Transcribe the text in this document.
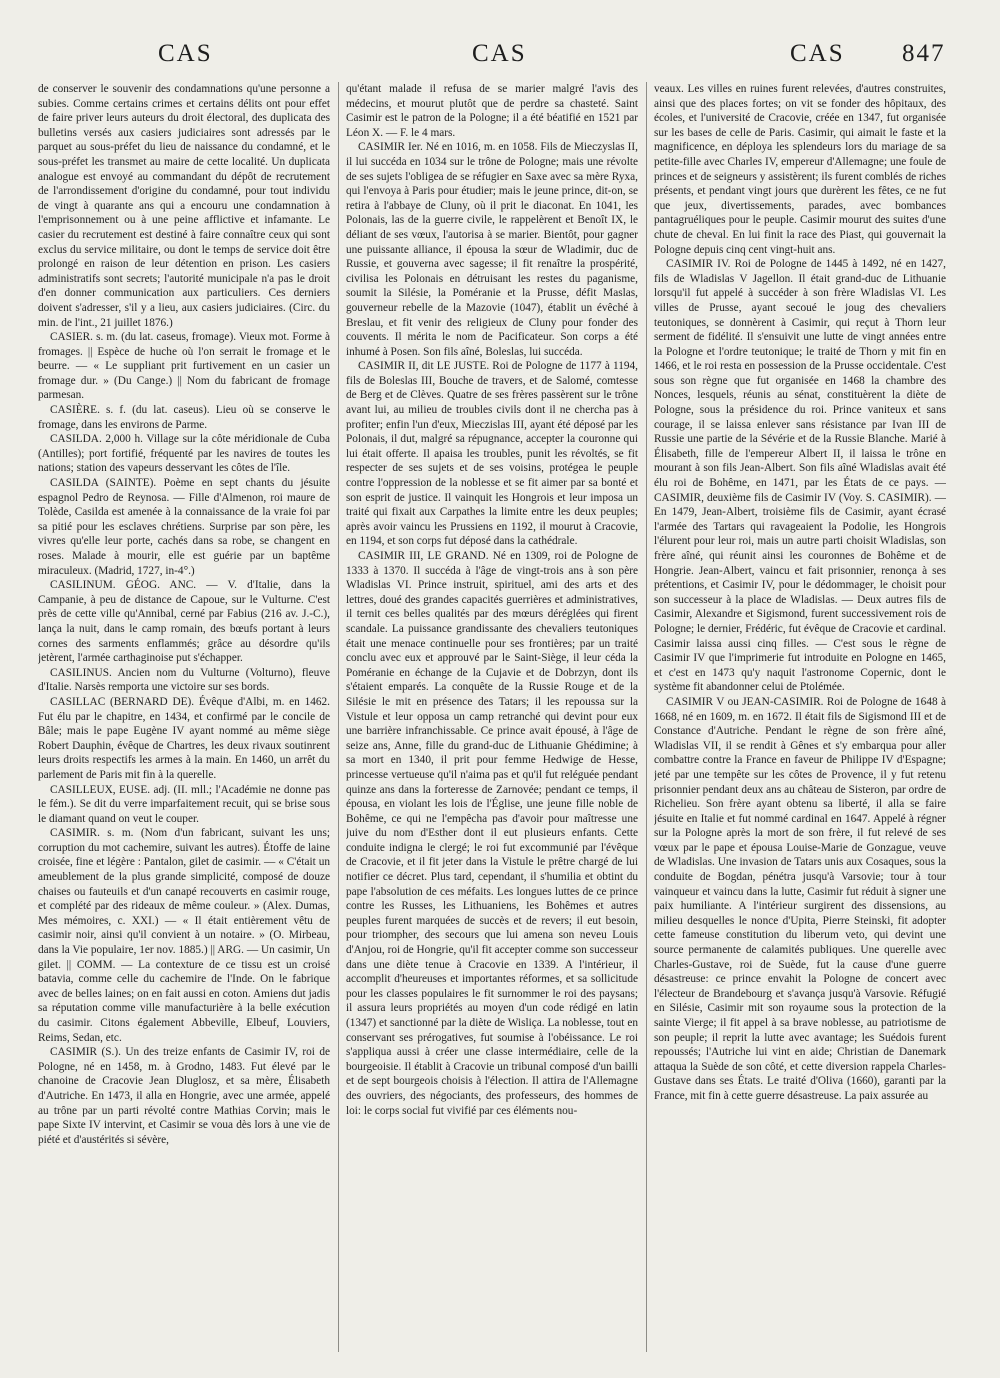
CAS	CAS	CAS 847

de conserver le souvenir des condamnations qu'une personne a subies. Comme certains crimes et certains délits ont pour effet de faire priver leurs auteurs du droit électoral, des duplicata des bulletins versés aux casiers judiciaires sont adressés par le parquet au sous-préfet du lieu de naissance du condamné, et le sous-préfet les transmet au maire de cette localité. Un duplicata analogue est envoyé au commandant du dépôt de recrutement de l'arrondissement d'origine du condamné, pour tout individu de vingt à quarante ans qui a encouru une condamnation à l'emprisonnement ou à une peine afflictive et infamante. Le casier du recrutement est destiné à faire connaître ceux qui sont exclus du service militaire, ou dont le temps de service doit être prolongé en raison de leur détention en prison. Les casiers administratifs sont secrets; l'autorité municipale n'a pas le droit d'en donner communication aux particuliers. Ces derniers doivent s'adresser, s'il y a lieu, aux casiers judiciaires. (Circ. du min. de l'int., 21 juillet 1876.)

CASIER. s. m. (du lat. caseus, fromage). Vieux mot. Forme à fromages. || Espèce de huche où l'on serrait le fromage et le beurre. — « Le suppliant prit furtivement en un casier un fromage dur. » (Du Cange.) || Nom du fabricant de fromage parmesan.

CASIÈRE. s. f. (du lat. caseus). Lieu où se conserve le fromage, dans les environs de Parme.

CASILDA. 2,000 h. Village sur la côte méridionale de Cuba (Antilles); port fortifié, fréquenté par les navires de toutes les nations; station des vapeurs desservant les côtes de l'île.

CASILDA (SAINTE). Poème en sept chants du jésuite espagnol Pedro de Reynosa. — Fille d'Almenon, roi maure de Tolède, Casilda est amenée à la connaissance de la vraie foi par sa pitié pour les esclaves chrétiens. Surprise par son père, les vivres qu'elle leur porte, cachés dans sa robe, se changent en roses. Malade à mourir, elle est guérie par un baptême miraculeux. (Madrid, 1727, in-4°.)

CASILINUM. GÉOG. ANC. — V. d'Italie, dans la Campanie, à peu de distance de Capoue, sur le Vulturne. C'est près de cette ville qu'Annibal, cerné par Fabius (216 av. J.-C.), lança la nuit, dans le camp romain, des bœufs portant à leurs cornes des sarments enflammés; grâce au désordre qu'ils jetèrent, l'armée carthaginoise put s'échapper.

CASILINUS. Ancien nom du Vulturne (Volturno), fleuve d'Italie. Narsès remporta une victoire sur ses bords.

CASILLAC (BERNARD DE). Évêque d'Albi, m. en 1462. Fut élu par le chapitre, en 1434, et confirmé par le concile de Bâle; mais le pape Eugène IV ayant nommé au même siège Robert Dauphin, évêque de Chartres, les deux rivaux soutinrent leurs droits respectifs les armes à la main. En 1460, un arrêt du parlement de Paris mit fin à la querelle.

CASILLEUX, EUSE. adj. (II. mll.; l'Académie ne donne pas le fém.). Se dit du verre imparfaitement recuit, qui se brise sous le diamant quand on veut le couper.

CASIMIR. s. m. (Nom d'un fabricant, suivant les uns; corruption du mot cachemire, suivant les autres). Étoffe de laine croisée, fine et légère : Pantalon, gilet de casimir. — « C'était un ameublement de la plus grande simplicité, composé de douze chaises ou fauteuils et d'un canapé recouverts en casimir rouge, et complété par des rideaux de même couleur. » (Alex. Dumas, Mes mémoires, c. XXI.) — « Il était entièrement vêtu de casimir noir, ainsi qu'il convient à un notaire. » (O. Mirbeau, dans la Vie populaire, 1er nov. 1885.) || ARG. — Un casimir, Un gilet. || COMM. — La contexture de ce tissu est un croisé batavia, comme celle du cachemire de l'Inde. On le fabrique avec de belles laines; on en fait aussi en coton. Amiens dut jadis sa réputation comme ville manufacturière à la belle exécution du casimir. Citons également Abbeville, Elbeuf, Louviers, Reims, Sedan, etc.

CASIMIR (S.). Un des treize enfants de Casimir IV, roi de Pologne, né en 1458, m. à Grodno, 1483. Fut élevé par le chanoine de Cracovie Jean Dluglosz, et sa mère, Élisabeth d'Autriche. En 1473, il alla en Hongrie, avec une armée, appelé au trône par un parti révolté contre Mathias Corvin; mais le pape Sixte IV intervint, et Casimir se voua dès lors à une vie de piété et d'austérités si sévère,

qu'étant malade il refusa de se marier malgré l'avis des médecins, et mourut plutôt que de perdre sa chasteté. Saint Casimir est le patron de la Pologne; il a été béatifié en 1521 par Léon X. — F. le 4 mars.

CASIMIR Ier. Né en 1016, m. en 1058. Fils de Mieczyslas II, il lui succéda en 1034 sur le trône de Pologne; mais une révolte de ses sujets l'obligea de se réfugier en Saxe avec sa mère Ryxa, qui l'envoya à Paris pour étudier; mais le jeune prince, dit-on, se retira à l'abbaye de Cluny, où il prit le diaconat. En 1041, les Polonais, las de la guerre civile, le rappelèrent et Benoît IX, le déliant de ses vœux, l'autorisa à se marier. Bientôt, pour gagner une puissante alliance, il épousa la sœur de Wladimir, duc de Russie, et gouverna avec sagesse; il fit renaître la prospérité, civilisa les Polonais en détruisant les restes du paganisme, soumit la Silésie, la Poméranie et la Prusse, défit Maslas, gouverneur rebelle de la Mazovie (1047), établit un évêché à Breslau, et fit venir des religieux de Cluny pour fonder des couvents. Il mérita le nom de Pacificateur. Son corps a été inhumé à Posen. Son fils aîné, Boleslas, lui succéda.

CASIMIR II, dit LE JUSTE. Roi de Pologne de 1177 à 1194, fils de Boleslas III, Bouche de travers, et de Salomé, comtesse de Berg et de Clèves. Quatre de ses frères passèrent sur le trône avant lui, au milieu de troubles civils dont il ne chercha pas à profiter; enfin l'un d'eux, Mieczislas III, ayant été déposé par les Polonais, il dut, malgré sa répugnance, accepter la couronne qui lui était offerte. Il apaisa les troubles, punit les révoltés, se fit respecter de ses sujets et de ses voisins, protégea le peuple contre l'oppression de la noblesse et se fit aimer par sa bonté et son esprit de justice. Il vainquit les Hongrois et leur imposa un traité qui fixait aux Carpathes la limite entre les deux peuples; après avoir vaincu les Prussiens en 1192, il mourut à Cracovie, en 1194, et son corps fut déposé dans la cathédrale.

CASIMIR III, LE GRAND. Né en 1309, roi de Pologne de 1333 à 1370. Il succéda à l'âge de vingt-trois ans à son père Wladislas VI. Prince instruit, spirituel, ami des arts et des lettres, doué des grandes capacités guerrières et administratives, il ternit ces belles qualités par des mœurs déréglées qui firent scandale. La puissance grandissante des chevaliers teutoniques était une menace continuelle pour ses frontières; par un traité conclu avec eux et approuvé par le Saint-Siège, il leur céda la Poméranie en échange de la Cujavie et de Dobrzyn, dont ils s'étaient emparés. La conquête de la Russie Rouge et de la Silésie le mit en présence des Tatars; il les repoussa sur la Vistule et leur opposa un camp retranché qui devint pour eux une barrière infranchissable. Ce prince avait épousé, à l'âge de seize ans, Anne, fille du grand-duc de Lithuanie Ghédimine; à sa mort en 1340, il prit pour femme Hedwige de Hesse, princesse vertueuse qu'il n'aima pas et qu'il fut reléguée pendant quinze ans dans la forteresse de Zarnovée; pendant ce temps, il épousa, en violant les lois de l'Église, une jeune fille noble de Bohême, ce qui ne l'empêcha pas d'avoir pour maîtresse une juive du nom d'Esther dont il eut plusieurs enfants. Cette conduite indigna le clergé; le roi fut excommunié par l'évêque de Cracovie, et il fit jeter dans la Vistule le prêtre chargé de lui notifier ce décret. Plus tard, cependant, il s'humilia et obtint du pape l'absolution de ces méfaits. Les longues luttes de ce prince contre les Russes, les Lithuaniens, les Bohêmes et autres peuples furent marquées de succès et de revers; il eut besoin, pour triompher, des secours que lui amena son neveu Louis d'Anjou, roi de Hongrie, qu'il fit accepter comme son successeur dans une diète tenue à Cracovie en 1339. A l'intérieur, il accomplit d'heureuses et importantes réformes, et sa sollicitude pour les classes populaires le fit surnommer le roi des paysans; il assura leurs propriétés au moyen d'un code rédigé en latin (1347) et sanctionné par la diète de Wisliça. La noblesse, tout en conservant ses prérogatives, fut soumise à l'obéissance. Le roi s'appliqua aussi à créer une classe intermédiaire, celle de la bourgeoisie. Il établit à Cracovie un tribunal composé d'un bailli et de sept bourgeois choisis à l'élection. Il attira de l'Allemagne des ouvriers, des négociants, des professeurs, des hommes de loi: le corps social fut vivifié par ces éléments nou-

veaux. Les villes en ruines furent relevées, d'autres construites, ainsi que des places fortes; on vit se fonder des hôpitaux, des écoles, et l'université de Cracovie, créée en 1347, fut organisée sur les bases de celle de Paris. Casimir, qui aimait le faste et la magnificence, en déploya les splendeurs lors du mariage de sa petite-fille avec Charles IV, empereur d'Allemagne; une foule de princes et de seigneurs y assistèrent; ils furent comblés de riches présents, et pendant vingt jours que durèrent les fêtes, ce ne fut que jeux, divertissements, parades, avec bombances pantagruéliques pour le peuple. Casimir mourut des suites d'une chute de cheval. En lui finit la race des Piast, qui gouvernait la Pologne depuis cinq cent vingt-huit ans.

CASIMIR IV. Roi de Pologne de 1445 à 1492, né en 1427, fils de Wladislas V Jagellon. Il était grand-duc de Lithuanie lorsqu'il fut appelé à succéder à son frère Wladislas VI. Les villes de Prusse, ayant secoué le joug des chevaliers teutoniques, se donnèrent à Casimir, qui reçut à Thorn leur serment de fidélité. Il s'ensuivit une lutte de vingt années entre la Pologne et l'ordre teutonique; le traité de Thorn y mit fin en 1466, et le roi resta en possession de la Prusse occidentale. C'est sous son règne que fut organisée en 1468 la chambre des Nonces, lesquels, réunis au sénat, constituèrent la diète de Pologne, sous la présidence du roi. Prince vaniteux et sans courage, il se laissa enlever sans résistance par Ivan III de Russie une partie de la Sévérie et de la Russie Blanche. Marié à Élisabeth, fille de l'empereur Albert II, il laissa le trône en mourant à son fils Jean-Albert. Son fils aîné Wladislas avait été élu roi de Bohême, en 1471, par les États de ce pays. — CASIMIR, deuxième fils de Casimir IV (Voy. S. CASIMIR). — En 1479, Jean-Albert, troisième fils de Casimir, ayant écrasé l'armée des Tartars qui ravageaient la Podolie, les Hongrois l'élurent pour leur roi, mais un autre parti choisit Wladislas, son frère aîné, qui réunit ainsi les couronnes de Bohême et de Hongrie. Jean-Albert, vaincu et fait prisonnier, renonça à ses prétentions, et Casimir IV, pour le dédommager, le choisit pour son successeur à la place de Wladislas. — Deux autres fils de Casimir, Alexandre et Sigismond, furent successivement rois de Pologne; le dernier, Frédéric, fut évêque de Cracovie et cardinal. Casimir laissa aussi cinq filles. — C'est sous le règne de Casimir IV que l'imprimerie fut introduite en Pologne en 1465, et c'est en 1473 qu'y naquit l'astronome Copernic, dont le système fit abandonner celui de Ptolémée.

CASIMIR V ou JEAN-CASIMIR. Roi de Pologne de 1648 à 1668, né en 1609, m. en 1672. Il était fils de Sigismond III et de Constance d'Autriche. Pendant le règne de son frère aîné, Wladislas VII, il se rendit à Gênes et s'y embarqua pour aller combattre contre la France en faveur de Philippe IV d'Espagne; jeté par une tempête sur les côtes de Provence, il y fut retenu prisonnier pendant deux ans au château de Sisteron, par ordre de Richelieu. Son frère ayant obtenu sa liberté, il alla se faire jésuite en Italie et fut nommé cardinal en 1647. Appelé à régner sur la Pologne après la mort de son frère, il fut relevé de ses vœux par le pape et épousa Louise-Marie de Gonzague, veuve de Wladislas. Une invasion de Tatars unis aux Cosaques, sous la conduite de Bogdan, pénétra jusqu'à Varsovie; tour à tour vainqueur et vaincu dans la lutte, Casimir fut réduit à signer une paix humiliante. A l'intérieur surgirent des dissensions, au milieu desquelles le nonce d'Upita, Pierre Steinski, fit adopter cette fameuse constitution du liberum veto, qui devint une source permanente de calamités publiques. Une querelle avec Charles-Gustave, roi de Suède, fut la cause d'une guerre désastreuse: ce prince envahit la Pologne de concert avec l'électeur de Brandebourg et s'avança jusqu'à Varsovie. Réfugié en Silésie, Casimir mit son royaume sous la protection de la sainte Vierge; il fit appel à sa brave noblesse, au patriotisme de son peuple; il reprit la lutte avec avantage; les Suédois furent repoussés; l'Autriche lui vint en aide; Christian de Danemark attaqua la Suède de son côté, et cette diversion rappela Charles-Gustave dans ses États. Le traité d'Oliva (1660), garanti par la France, mit fin à cette guerre désastreuse. La paix assurée au
